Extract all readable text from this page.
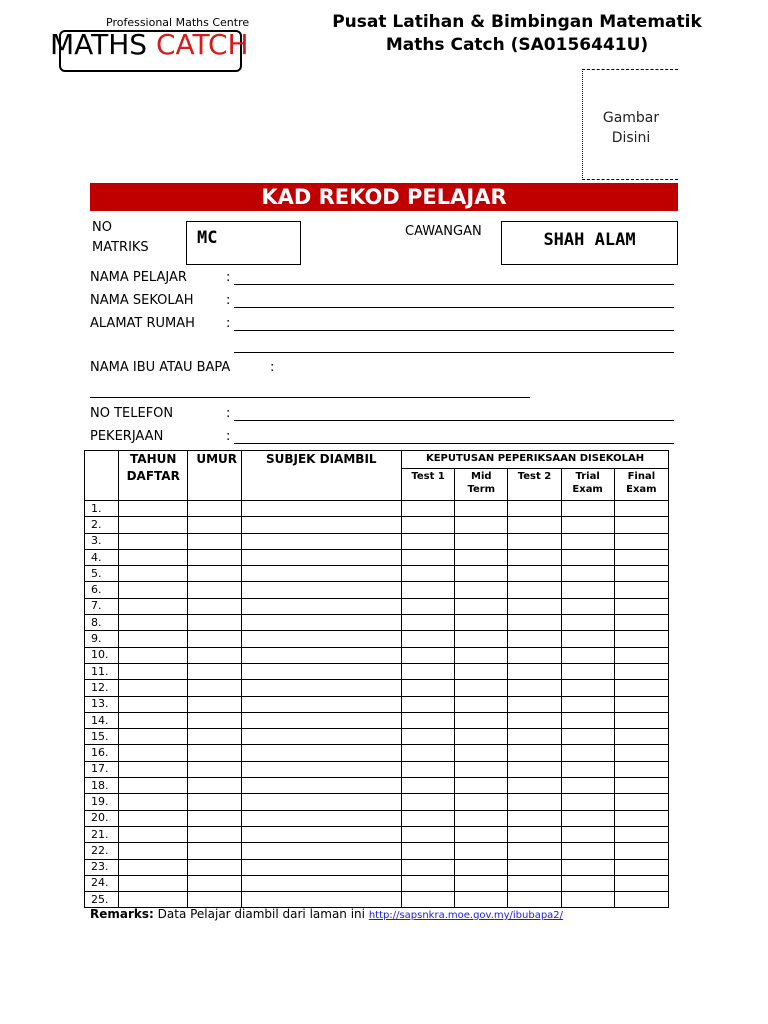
Professional Maths Centre
MATHS CATCH
Pusat Latihan & Bimbingan Matematik
Maths Catch (SA0156441U)
Gambar
Disini
KAD REKOD PELAJAR
NO MATRIKS	MC	CAWANGAN	SHAH ALAM
NAMA PELAJAR	:
NAMA SEKOLAH :
ALAMAT RUMAH :
NAMA IBU ATAU BAPA	:
NO TELEFON	:
PEKERJAAN	:
	TAHUN DAFTAR	UMUR	SUBJEK DIAMBIL	KEPUTUSAN PEPERIKSAAN DISEKOLAH				
				Test 1	Mid Term	Test 2	Trial Exam	Final Exam
1.								
2.								
3.								
4.								
5.								
6.								
7.								
8.								
9.								
10.								
11.								
12.								
13.								
14.								
15.								
16.								
17.								
18.								
19.								
20.								
21.								
22.								
23.								
24.								
25.								
Remarks: Data Pelajar diambil dari laman ini http://sapsnkra.moe.gov.my/ibubapa2/
